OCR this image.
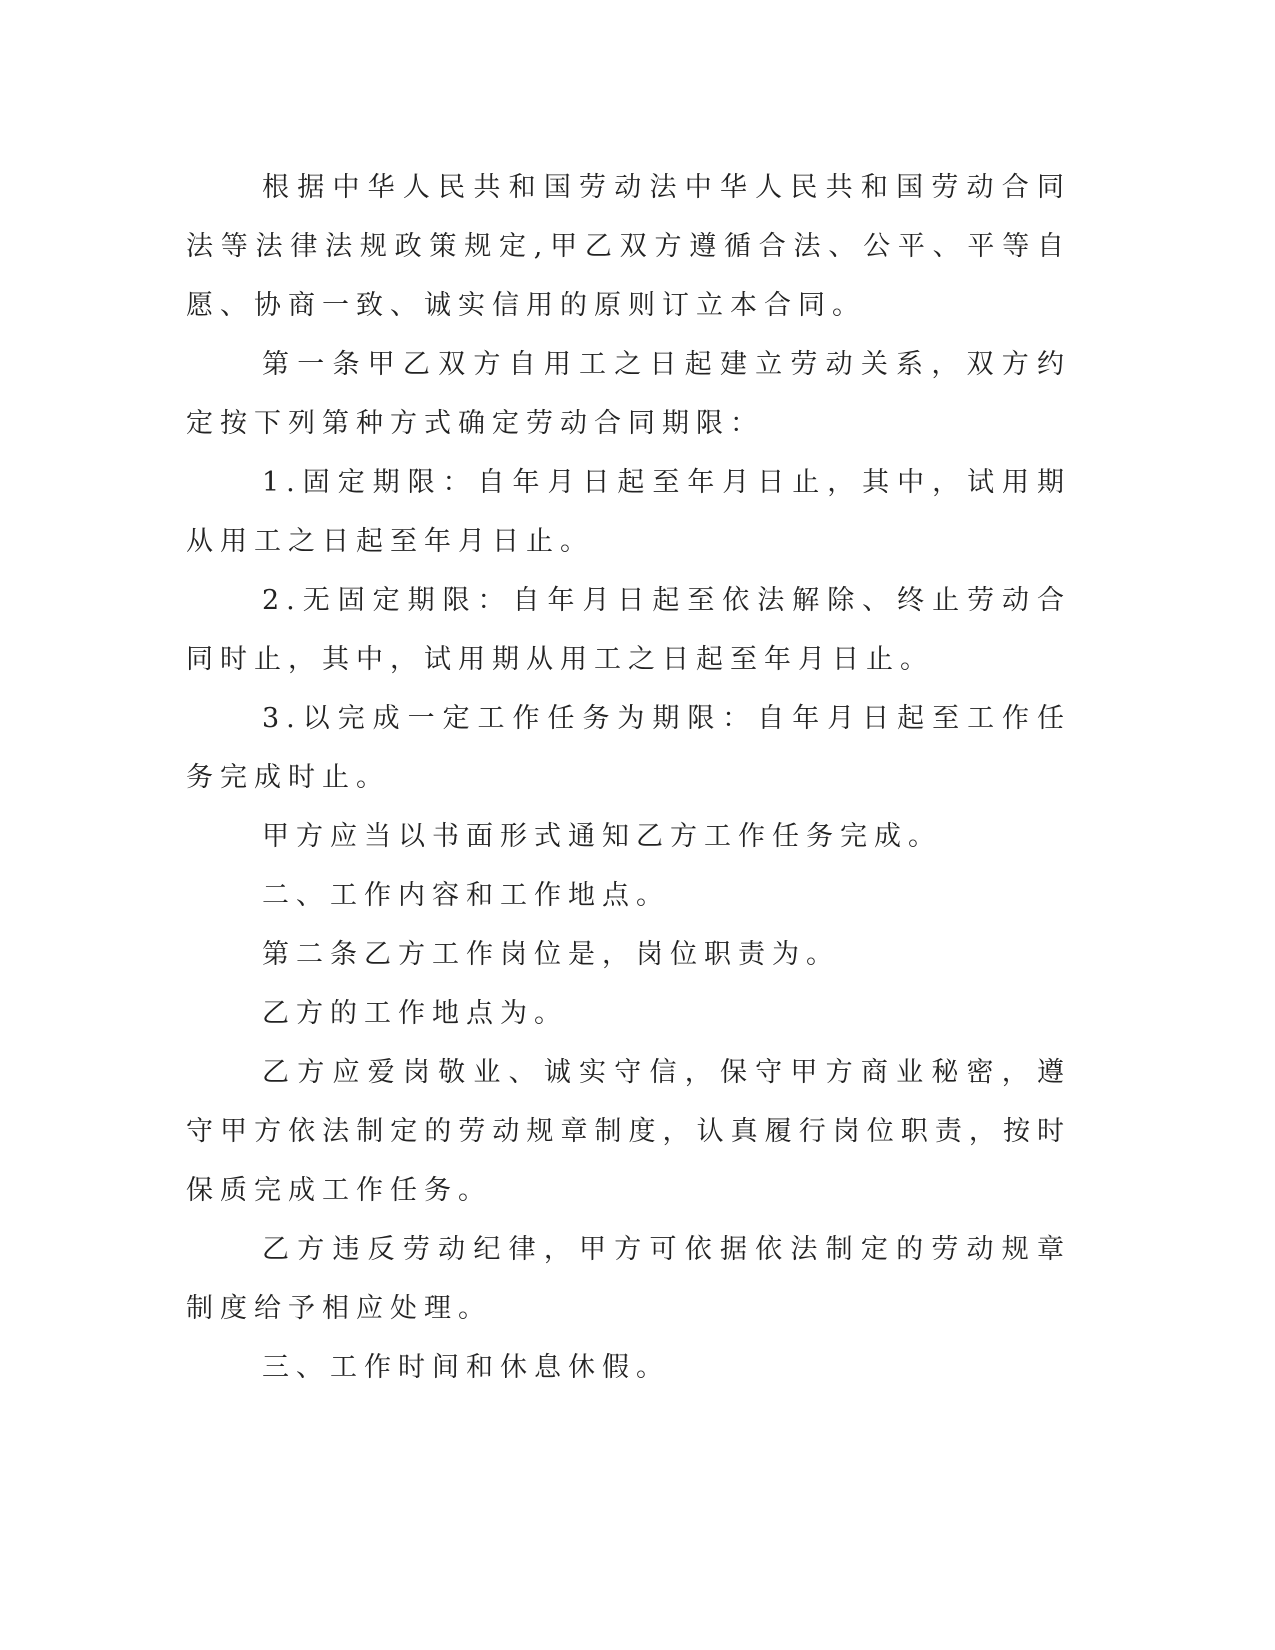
根据中华人民共和国劳动法中华人民共和国劳动合同法等法律法规政策规定,甲乙双方遵循合法、公平、平等自愿、协商一致、诚实信用的原则订立本合同。

第一条甲乙双方自用工之日起建立劳动关系，双方约定按下列第种方式确定劳动合同期限：

1.固定期限：自年月日起至年月日止，其中，试用期从用工之日起至年月日止。

2.无固定期限：自年月日起至依法解除、终止劳动合同时止，其中，试用期从用工之日起至年月日止。

3.以完成一定工作任务为期限：自年月日起至工作任务完成时止。

甲方应当以书面形式通知乙方工作任务完成。

二、工作内容和工作地点。

第二条乙方工作岗位是，岗位职责为。

乙方的工作地点为。

乙方应爱岗敬业、诚实守信，保守甲方商业秘密，遵守甲方依法制定的劳动规章制度，认真履行岗位职责，按时保质完成工作任务。

乙方违反劳动纪律，甲方可依据依法制定的劳动规章制度给予相应处理。

三、工作时间和休息休假。
